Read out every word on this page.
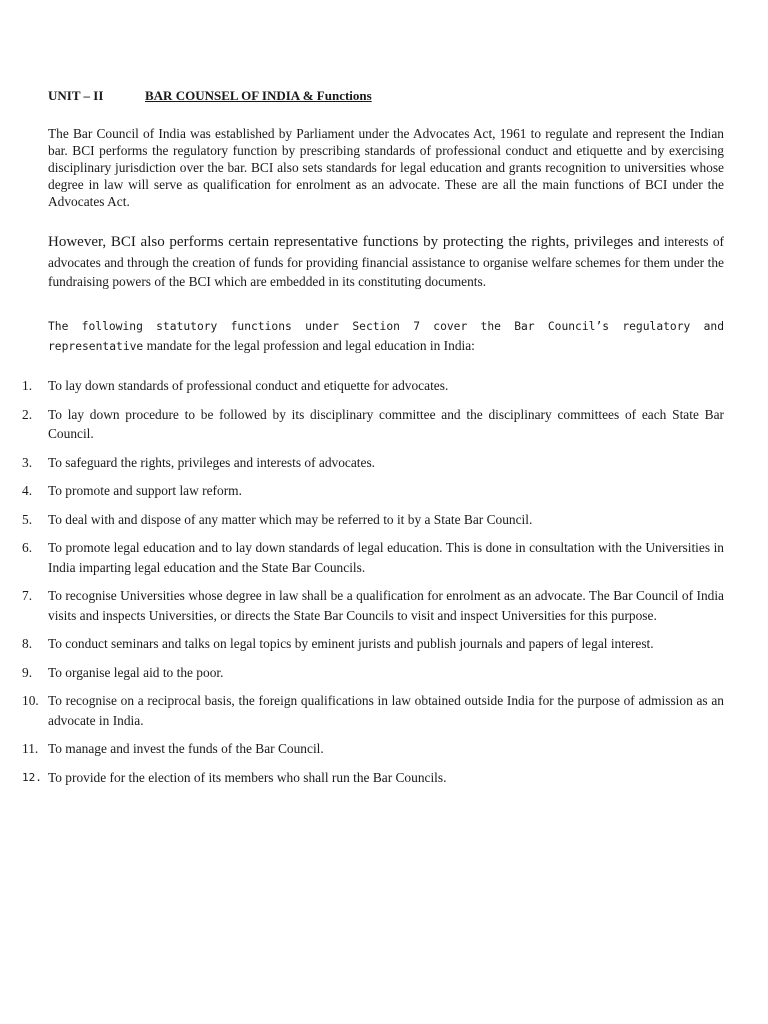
UNIT – II	BAR COUNSEL OF INDIA & Functions

The Bar Council of India was established by Parliament under the Advocates Act, 1961 to regulate and represent the Indian bar. BCI performs the regulatory function by prescribing standards of professional conduct and etiquette and by exercising disciplinary jurisdiction over the bar. BCI also sets standards for legal education and grants recognition to universities whose degree in law will serve as qualification for enrolment as an advocate. These are all the main functions of BCI under the Advocates Act.

However, BCI also performs certain representative functions by protecting the rights, privileges and interests of advocates and through the creation of funds for providing financial assistance to organise welfare schemes for them under the fundraising powers of the BCI which are embedded in its constituting documents.

The following statutory functions under Section 7 cover the Bar Council’s regulatory and representative mandate for the legal profession and legal education in India:

1. To lay down standards of professional conduct and etiquette for advocates.
2. To lay down procedure to be followed by its disciplinary committee and the disciplinary committees of each State Bar Council.
3. To safeguard the rights, privileges and interests of advocates.
4. To promote and support law reform.
5. To deal with and dispose of any matter which may be referred to it by a State Bar Council.
6. To promote legal education and to lay down standards of legal education. This is done in consultation with the Universities in India imparting legal education and the State Bar Councils.
7. To recognise Universities whose degree in law shall be a qualification for enrolment as an advocate. The Bar Council of India visits and inspects Universities, or directs the State Bar Councils to visit and inspect Universities for this purpose.
8. To conduct seminars and talks on legal topics by eminent jurists and publish journals and papers of legal interest.
9. To organise legal aid to the poor.
10. To recognise on a reciprocal basis, the foreign qualifications in law obtained outside India for the purpose of admission as an advocate in India.
11. To manage and invest the funds of the Bar Council.
12. To provide for the election of its members who shall run the Bar Councils.
